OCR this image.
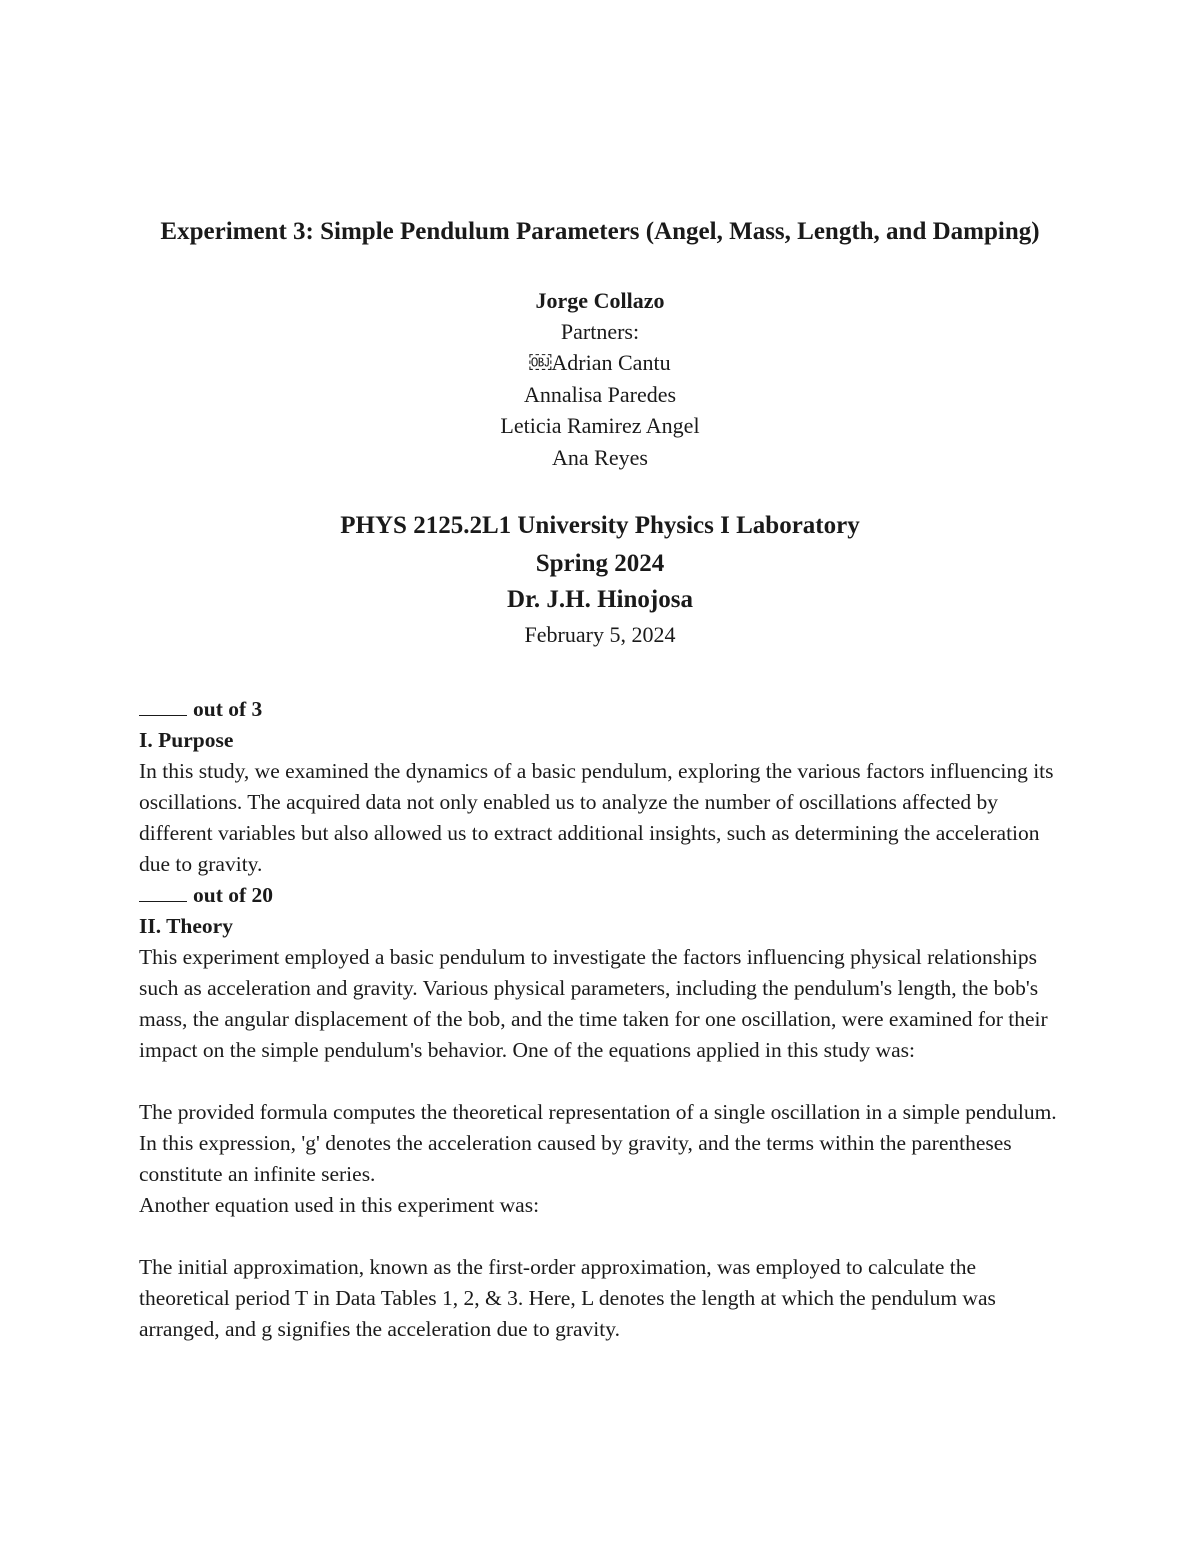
Experiment 3: Simple Pendulum Parameters (Angel, Mass, Length, and Damping)
Jorge Collazo
Partners:
￼Adrian Cantu
Annalisa Paredes
Leticia Ramirez Angel
Ana Reyes
PHYS 2125.2L1 University Physics I Laboratory
Spring 2024
Dr. J.H. Hinojosa
February 5, 2024

out of 3

I. Purpose

In this study, we examined the dynamics of a basic pendulum, exploring the various factors influencing its oscillations. The acquired data not only enabled us to analyze the number of oscillations affected by different variables but also allowed us to extract additional insights, such as determining the acceleration due to gravity.

out of 20

II. Theory

This experiment employed a basic pendulum to investigate the factors influencing physical relationships such as acceleration and gravity. Various physical parameters, including the pendulum's length, the bob's mass, the angular displacement of the bob, and the time taken for one oscillation, were examined for their impact on the simple pendulum's behavior. One of the equations applied in this study was:

The provided formula computes the theoretical representation of a single oscillation in a simple pendulum. In this expression, 'g' denotes the acceleration caused by gravity, and the terms within the parentheses constitute an infinite series.

Another equation used in this experiment was:

The initial approximation, known as the first-order approximation, was employed to calculate the theoretical period T in Data Tables 1, 2, & 3. Here, L denotes the length at which the pendulum was arranged, and g signifies the acceleration due to gravity.
